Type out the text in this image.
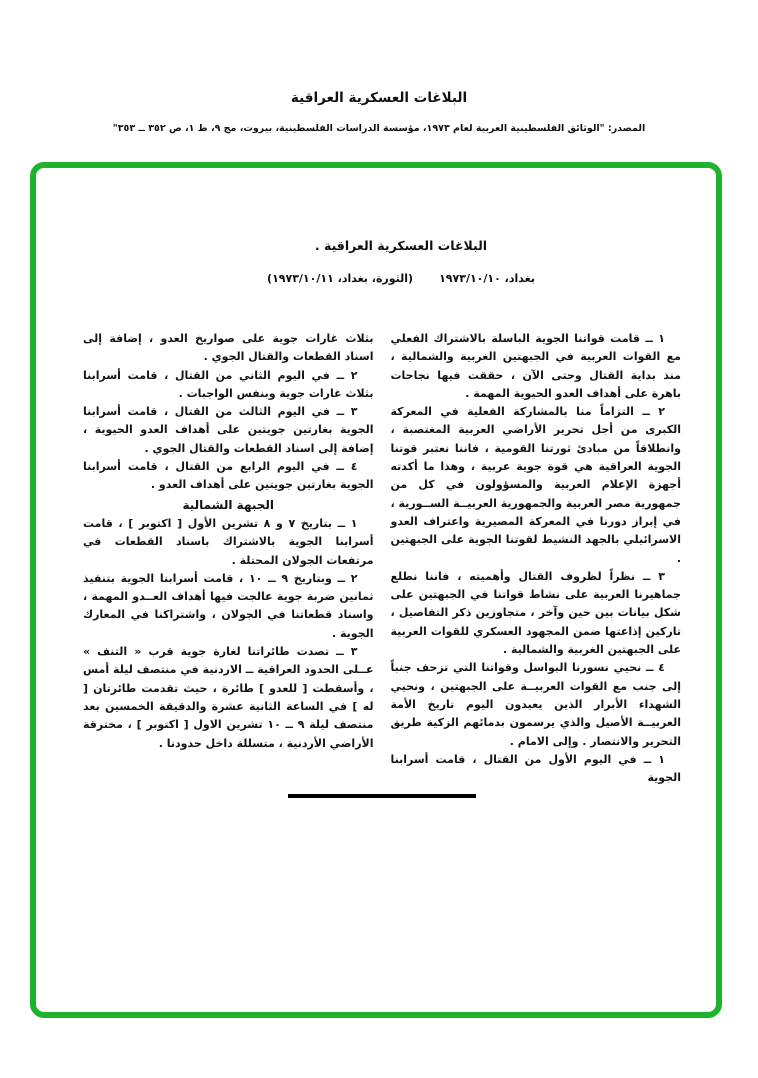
البلاغات العسكرية العراقية
المصدر: "الوثائق الفلسطينية العربية لعام ١٩٧٣، مؤسسة الدراسات الفلسطينية، بيروت، مج ٩، ط ١، ص ٣٥٢ ــ ٣٥٣"
البلاغات العسكرية العراقية .
بغداد، ١٩٧٣/١٠/١٠
(الثورة، بغداد، ١٩٧٣/١٠/١١)

١ ــ قامت قواتنا الجوية الباسلة بالاشتراك الفعلي مع القوات العربية في الجبهتين الغربية والشمالية ، منذ بداية القتال وحتى الآن ، حققت فيها نجاحات باهرة على أهداف العدو الحيوية المهمة .

٢ ــ التزاماً منا بالمشاركة الفعلية في المعركة الكبرى من أجل تحرير الأراضي العربية المغتصبة ، وانطلاقاً من مبادئ ثورتنا القومية ، فاننا نعتبر قوتنا الجوية العراقية هي قوة جوية عربية ، وهذا ما أكدته أجهزة الإعلام العربية والمسؤولون في كل من جمهورية مصر العربية والجمهورية العربيــة الســورية ، في إبراز دورنا في المعركة المصيرية واعتراف العدو الاسرائيلي بالجهد النشيط لقوتنا الجوية على الجبهتين .

٣ ــ نظراً لظروف القتال وأهميته ، فاننا نطلع جماهيرنا العربية على نشاط قواتنا في الجبهتين على شكل بيانات بين حين وآخر ، متجاوزين ذكر التفاصيل ، تاركين إذاعتها ضمن المجهود العسكري للقوات العربية على الجبهتين الغربية والشمالية .

٤ ــ نحيي نسورنا البواسل وقواتنا التي تزحف جنباً إلى جنب مع القوات العربيــة على الجبهتين ، ونحيي الشهداء الأبرار الذين يعيدون اليوم تاريخ الأمة العربيــة الأصيل والذي يرسمون بدمائهم الزكية طريق التحرير والانتصار . وإلى الامام .

١ ــ في اليوم الأول من القتال ، قامت أسرابنا الجوية

بثلاث غارات جوية على صواريخ العدو ، إضافة إلى اسناد القطعات والقتال الجوي .

٢ ــ في اليوم الثاني من القتال ، قامت أسرابنا بثلاث غارات جوية وبنفس الواجبات .

٣ ــ في اليوم الثالث من القتال ، قامت أسرابنا الجوية بغارتين جويتين على أهداف العدو الحيوية ، إضافة إلى اسناد القطعات والقتال الجوي .

٤ ــ في اليوم الرابع من القتال ، قامت أسرابنا الجوية بغارتين جويتين على أهداف العدو .

الجبهة الشمالية

١ ــ بتاريخ ٧ و ٨ تشرين الأول [ اكتوبر ] ، قامت أسرابنا الجوية بالاشتراك باسناد القطعات في مرتفعات الجولان المحتلة .

٢ ــ وبتاريخ ٩ ــ ١٠ ، قامت أسرابنا الجوية بتنفيذ ثمانين ضربة جوية عالجت فيها أهداف العــدو المهمة ، واسناد قطعاتنا في الجولان ، واشتراكنا في المعارك الجوية .

٣ ــ تصدت طائراتنا لغارة جوية قرب « التنف » عــلى الحدود العراقية ــ الاردنية في منتصف ليلة أمس ، وأسقطت [ للعدو ] طائرة ، حيث تقدمت طائرتان [ له ] في الساعة الثانية عشرة والدقيقة الخمسين بعد منتصف ليلة ٩ ــ ١٠ تشرين الاول [ اكتوبر ] ، مخترقة الأراضي الأردنية ، متسللة داخل حدودنا .
